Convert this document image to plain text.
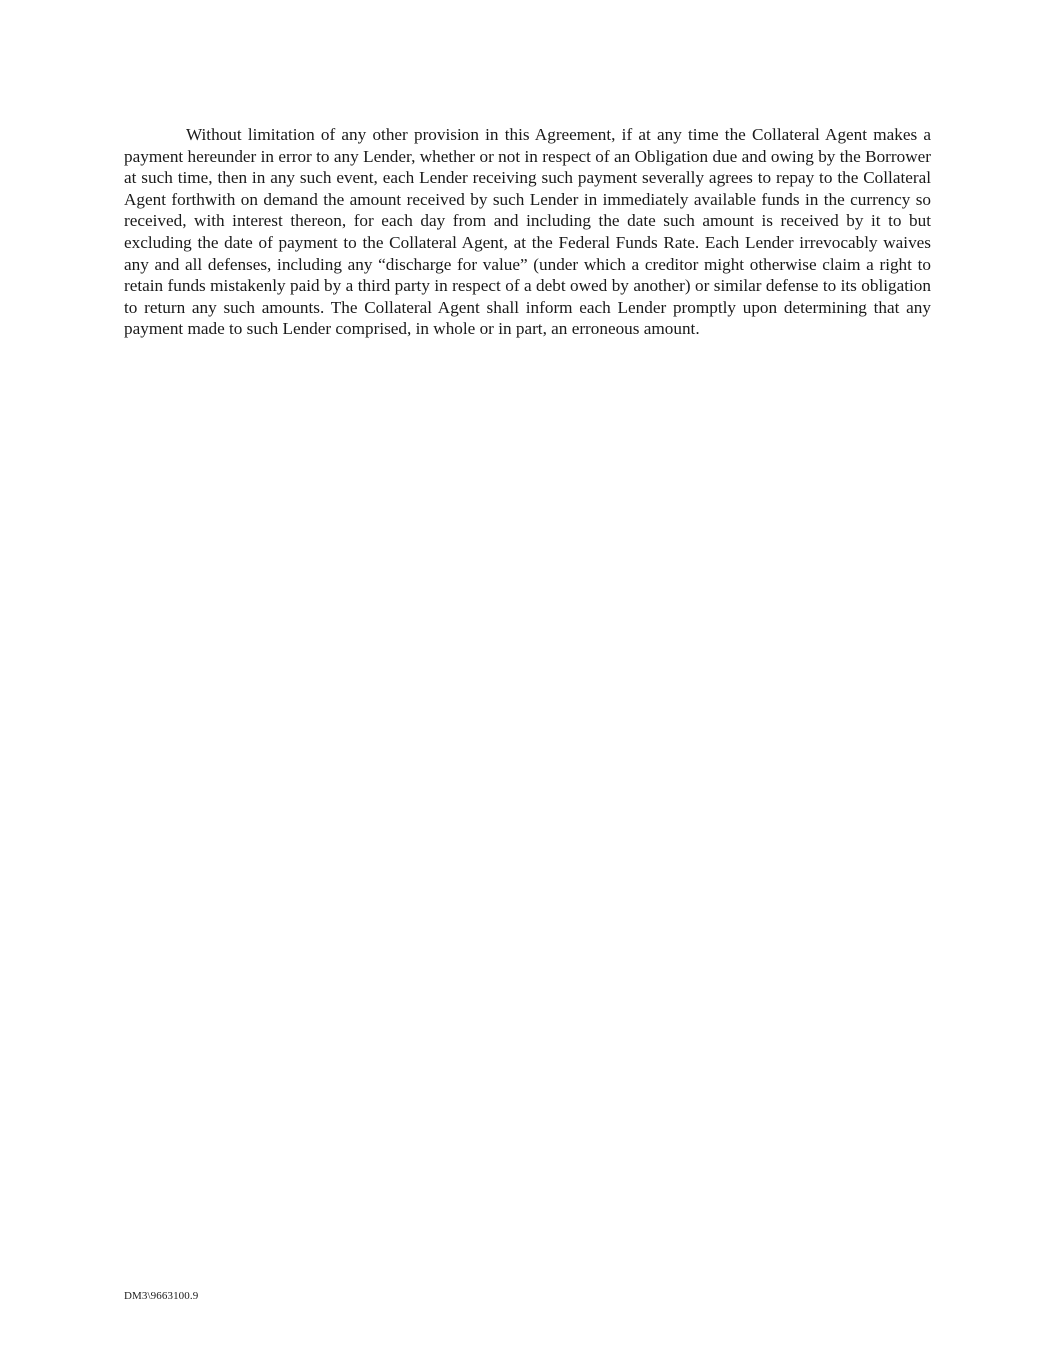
Without limitation of any other provision in this Agreement, if at any time the Collateral Agent makes a payment hereunder in error to any Lender, whether or not in respect of an Obligation due and owing by the Borrower at such time, then in any such event, each Lender receiving such payment severally agrees to repay to the Collateral Agent forthwith on demand the amount received by such Lender in immediately available funds in the currency so received, with interest thereon, for each day from and including the date such amount is received by it to but excluding the date of payment to the Collateral Agent, at the Federal Funds Rate. Each Lender irrevocably waives any and all defenses, including any “discharge for value” (under which a creditor might otherwise claim a right to retain funds mistakenly paid by a third party in respect of a debt owed by another) or similar defense to its obligation to return any such amounts. The Collateral Agent shall inform each Lender promptly upon determining that any payment made to such Lender comprised, in whole or in part, an erroneous amount.

DM3\9663100.9
